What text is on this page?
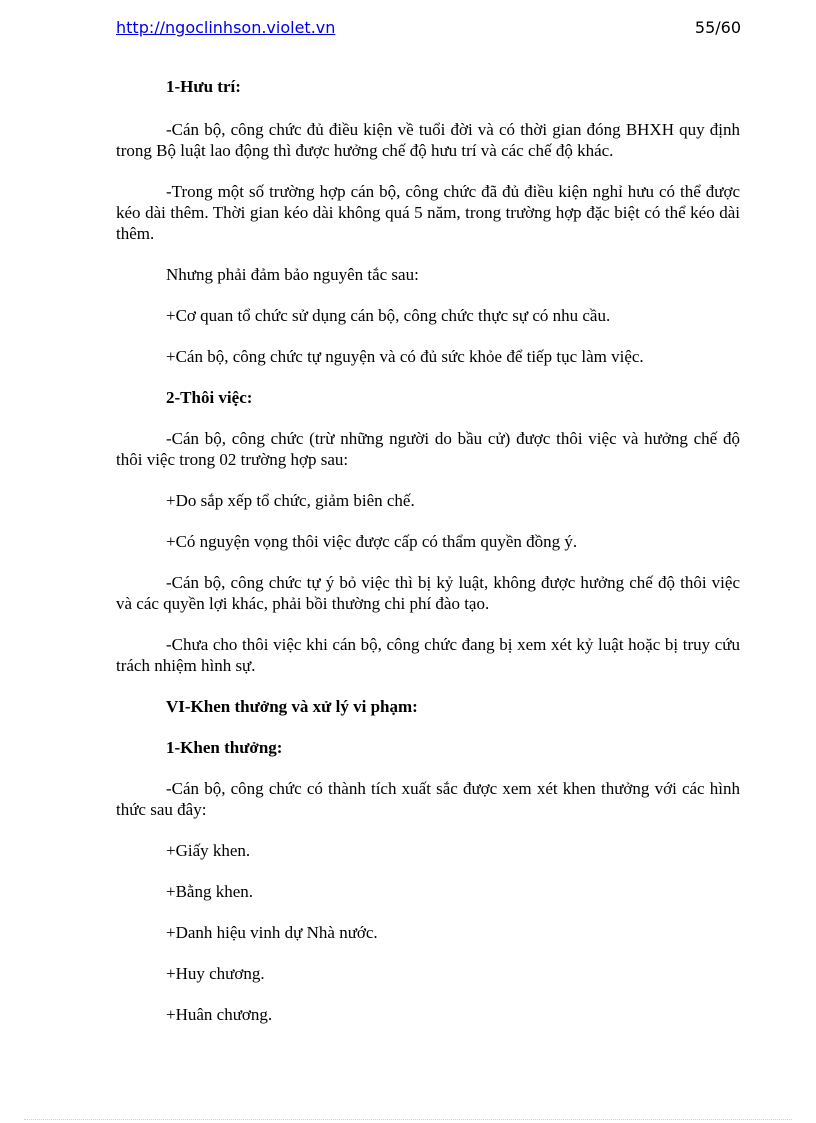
http://ngoclinhson.violet.vn	55/60

1-Hưu trí:

-Cán bộ, công chức đủ điều kiện về tuổi đời và có thời gian đóng BHXH quy định trong Bộ luật lao động thì được hưởng chế độ hưu trí và các chế độ khác.

-Trong một số trường hợp cán bộ, công chức đã đủ điều kiện nghỉ hưu có thể được kéo dài thêm. Thời gian kéo dài không quá 5 năm, trong trường hợp đặc biệt có thể kéo dài thêm.

Nhưng phải đảm bảo nguyên tắc sau:

+Cơ quan tổ chức sử dụng cán bộ, công chức thực sự có nhu cầu.

+Cán bộ, công chức tự nguyện và có đủ sức khỏe để tiếp tục làm việc.

2-Thôi việc:

-Cán bộ, công chức (trừ những người do bầu cử) được thôi việc và hưởng chế độ thôi việc trong 02 trường hợp sau:

+Do sắp xếp tổ chức, giảm biên chế.

+Có nguyện vọng thôi việc được cấp có thẩm quyền đồng ý.

-Cán bộ, công chức tự ý bỏ việc thì bị kỷ luật, không được hưởng chế độ thôi việc và các quyền lợi khác, phải bồi thường chi phí đào tạo.

-Chưa cho thôi việc khi cán bộ, công chức đang bị xem xét kỷ luật hoặc bị truy cứu trách nhiệm hình sự.

VI-Khen thưởng và xử lý vi phạm:

1-Khen thưởng:

-Cán bộ, công chức có thành tích xuất sắc được xem xét khen thưởng với các hình thức sau đây:

+Giấy khen.

+Bằng khen.

+Danh hiệu vinh dự Nhà nước.

+Huy chương.

+Huân chương.
